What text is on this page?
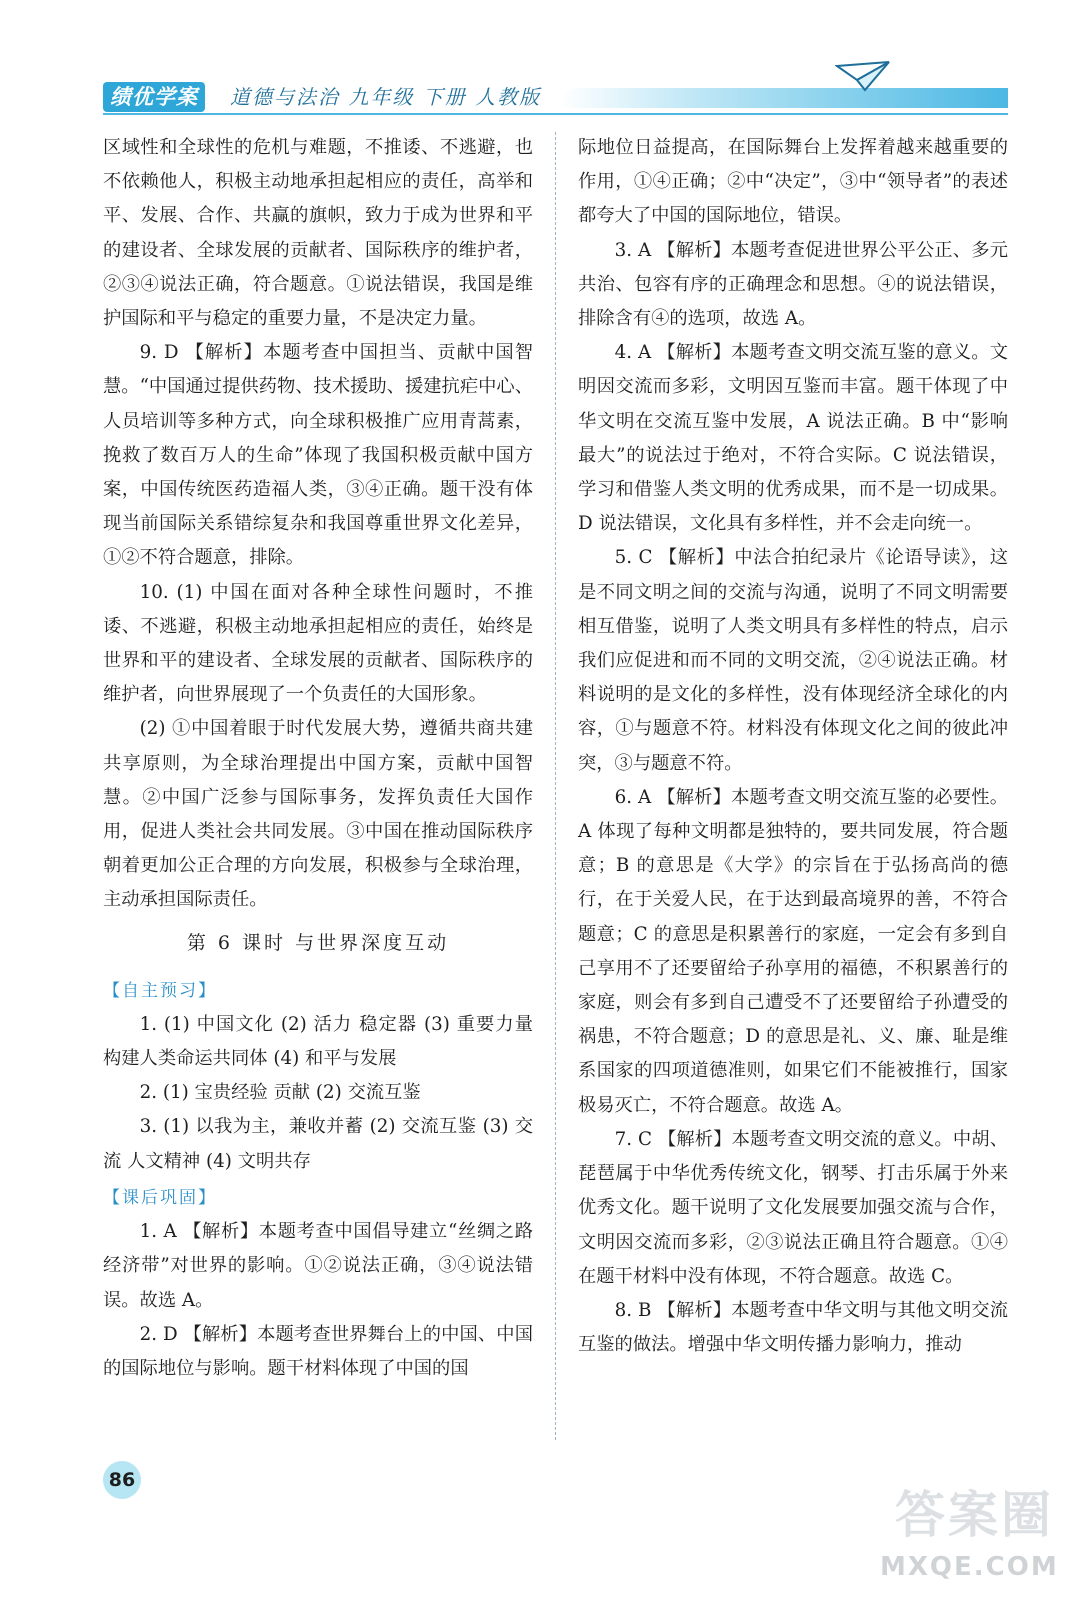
绩优学案	道德与法治 九年级 下册 人教版

区域性和全球性的危机与难题，不推诿、不逃避，也不依赖他人，积极主动地承担起相应的责任，高举和平、发展、合作、共赢的旗帜，致力于成为世界和平的建设者、全球发展的贡献者、国际秩序的维护者，②③④说法正确，符合题意。①说法错误，我国是维护国际和平与稳定的重要力量，不是决定力量。

9. D 【解析】本题考查中国担当、贡献中国智慧。“中国通过提供药物、技术援助、援建抗疟中心、人员培训等多种方式，向全球积极推广应用青蒿素，挽救了数百万人的生命”体现了我国积极贡献中国方案，中国传统医药造福人类，③④正确。题干没有体现当前国际关系错综复杂和我国尊重世界文化差异，①②不符合题意，排除。

10. (1) 中国在面对各种全球性问题时，不推诿、不逃避，积极主动地承担起相应的责任，始终是世界和平的建设者、全球发展的贡献者、国际秩序的维护者，向世界展现了一个负责任的大国形象。

(2) ①中国着眼于时代发展大势，遵循共商共建共享原则，为全球治理提出中国方案，贡献中国智慧。②中国广泛参与国际事务，发挥负责任大国作用，促进人类社会共同发展。③中国在推动国际秩序朝着更加公正合理的方向发展，积极参与全球治理，主动承担国际责任。

第 6 课时 与世界深度互动
【自主预习】

1. (1) 中国文化 (2) 活力 稳定器 (3) 重要力量 构建人类命运共同体 (4) 和平与发展

2. (1) 宝贵经验 贡献 (2) 交流互鉴

3. (1) 以我为主，兼收并蓄 (2) 交流互鉴 (3) 交流 人文精神 (4) 文明共存

【课后巩固】

1. A 【解析】本题考查中国倡导建立“丝绸之路经济带”对世界的影响。①②说法正确，③④说法错误。故选 A。

2. D 【解析】本题考查世界舞台上的中国、中国的国际地位与影响。题干材料体现了中国的国

际地位日益提高，在国际舞台上发挥着越来越重要的作用，①④正确；②中“决定”，③中“领导者”的表述都夸大了中国的国际地位，错误。

3. A 【解析】本题考查促进世界公平公正、多元共治、包容有序的正确理念和思想。④的说法错误，排除含有④的选项，故选 A。

4. A 【解析】本题考查文明交流互鉴的意义。文明因交流而多彩，文明因互鉴而丰富。题干体现了中华文明在交流互鉴中发展，A 说法正确。B 中“影响最大”的说法过于绝对，不符合实际。C 说法错误，学习和借鉴人类文明的优秀成果，而不是一切成果。D 说法错误，文化具有多样性，并不会走向统一。

5. C 【解析】中法合拍纪录片《论语导读》，这是不同文明之间的交流与沟通，说明了不同文明需要相互借鉴，说明了人类文明具有多样性的特点，启示我们应促进和而不同的文明交流，②④说法正确。材料说明的是文化的多样性，没有体现经济全球化的内容，①与题意不符。材料没有体现文化之间的彼此冲突，③与题意不符。

6. A 【解析】本题考查文明交流互鉴的必要性。A 体现了每种文明都是独特的，要共同发展，符合题意；B 的意思是《大学》的宗旨在于弘扬高尚的德行，在于关爱人民，在于达到最高境界的善，不符合题意；C 的意思是积累善行的家庭，一定会有多到自己享用不了还要留给子孙享用的福德，不积累善行的家庭，则会有多到自己遭受不了还要留给子孙遭受的祸患，不符合题意；D 的意思是礼、义、廉、耻是维系国家的四项道德准则，如果它们不能被推行，国家极易灭亡，不符合题意。故选 A。

7. C 【解析】本题考查文明交流的意义。中胡、琵琶属于中华优秀传统文化，钢琴、打击乐属于外来优秀文化。题干说明了文化发展要加强交流与合作，文明因交流而多彩，②③说法正确且符合题意。①④在题干材料中没有体现，不符合题意。故选 C。

8. B 【解析】本题考查中华文明与其他文明交流互鉴的做法。增强中华文明传播力影响力，推动

86
答案圈
MXQE.COM
